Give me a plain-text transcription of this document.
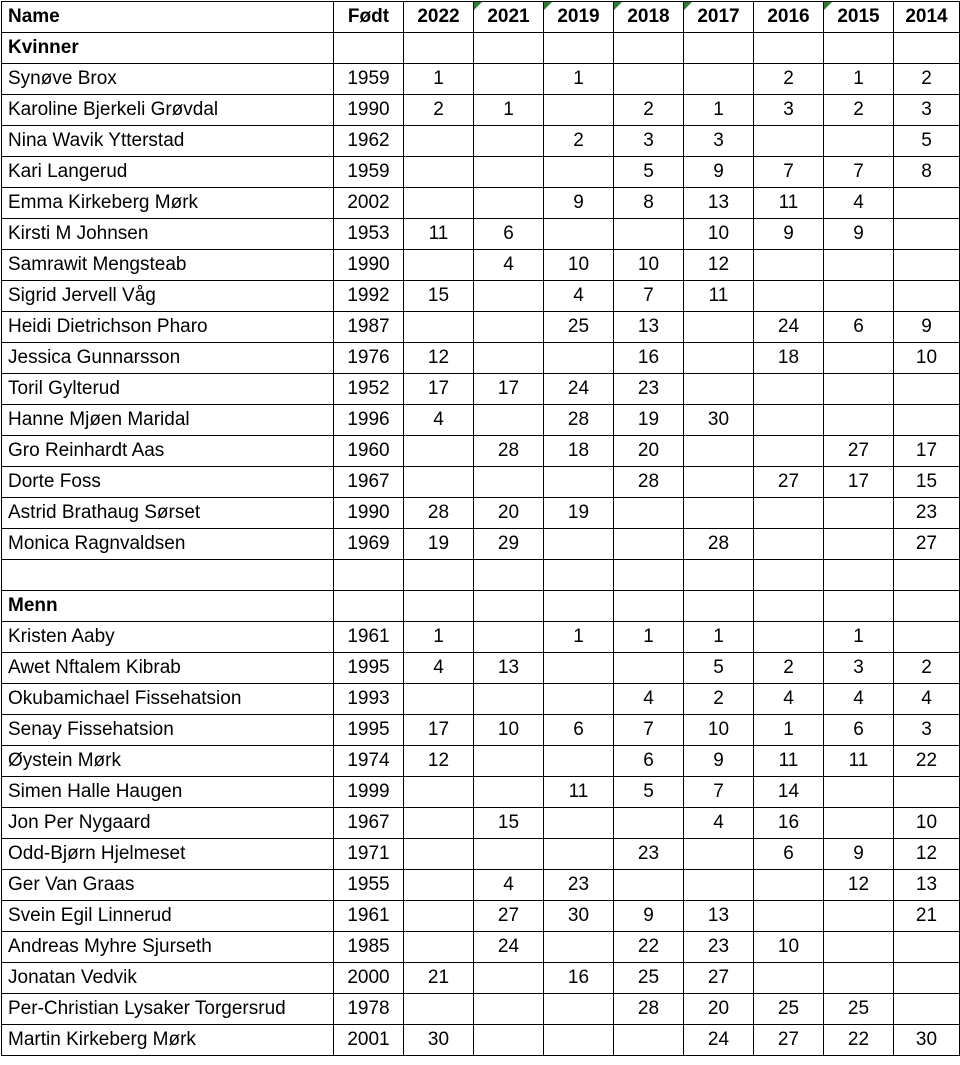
Name	Født	2022	2021	2019	2018	2017	2016	2015	2014
Kvinner									
Synøve Brox	1959	1		1			2	1	2
Karoline Bjerkeli Grøvdal	1990	2	1		2	1	3	2	3
Nina Wavik Ytterstad	1962			2	3	3			5
Kari Langerud	1959				5	9	7	7	8
Emma Kirkeberg Mørk	2002			9	8	13	11	4	
Kirsti M Johnsen	1953	11	6			10	9	9	
Samrawit Mengsteab	1990		4	10	10	12			
Sigrid Jervell Våg	1992	15		4	7	11			
Heidi Dietrichson Pharo	1987			25	13		24	6	9
Jessica Gunnarsson	1976	12			16		18		10
Toril Gylterud	1952	17	17	24	23				
Hanne Mjøen Maridal	1996	4		28	19	30			
Gro Reinhardt Aas	1960		28	18	20			27	17
Dorte Foss	1967				28		27	17	15
Astrid Brathaug Sørset	1990	28	20	19					23
Monica Ragnvaldsen	1969	19	29			28			27

Menn									
Kristen Aaby	1961	1		1	1	1		1	
Awet Nftalem Kibrab	1995	4	13			5	2	3	2
Okubamichael Fissehatsion	1993				4	2	4	4	4
Senay Fissehatsion	1995	17	10	6	7	10	1	6	3
Øystein Mørk	1974	12			6	9	11	11	22
Simen Halle Haugen	1999			11	5	7	14		
Jon Per Nygaard	1967		15			4	16		10
Odd-Bjørn Hjelmeset	1971				23		6	9	12
Ger Van Graas	1955		4	23				12	13
Svein Egil Linnerud	1961		27	30	9	13			21
Andreas Myhre Sjurseth	1985		24		22	23	10		
Jonatan Vedvik	2000	21		16	25	27			
Per-Christian Lysaker Torgersrud	1978				28	20	25	25	
Martin Kirkeberg Mørk	2001	30				24	27	22	30
